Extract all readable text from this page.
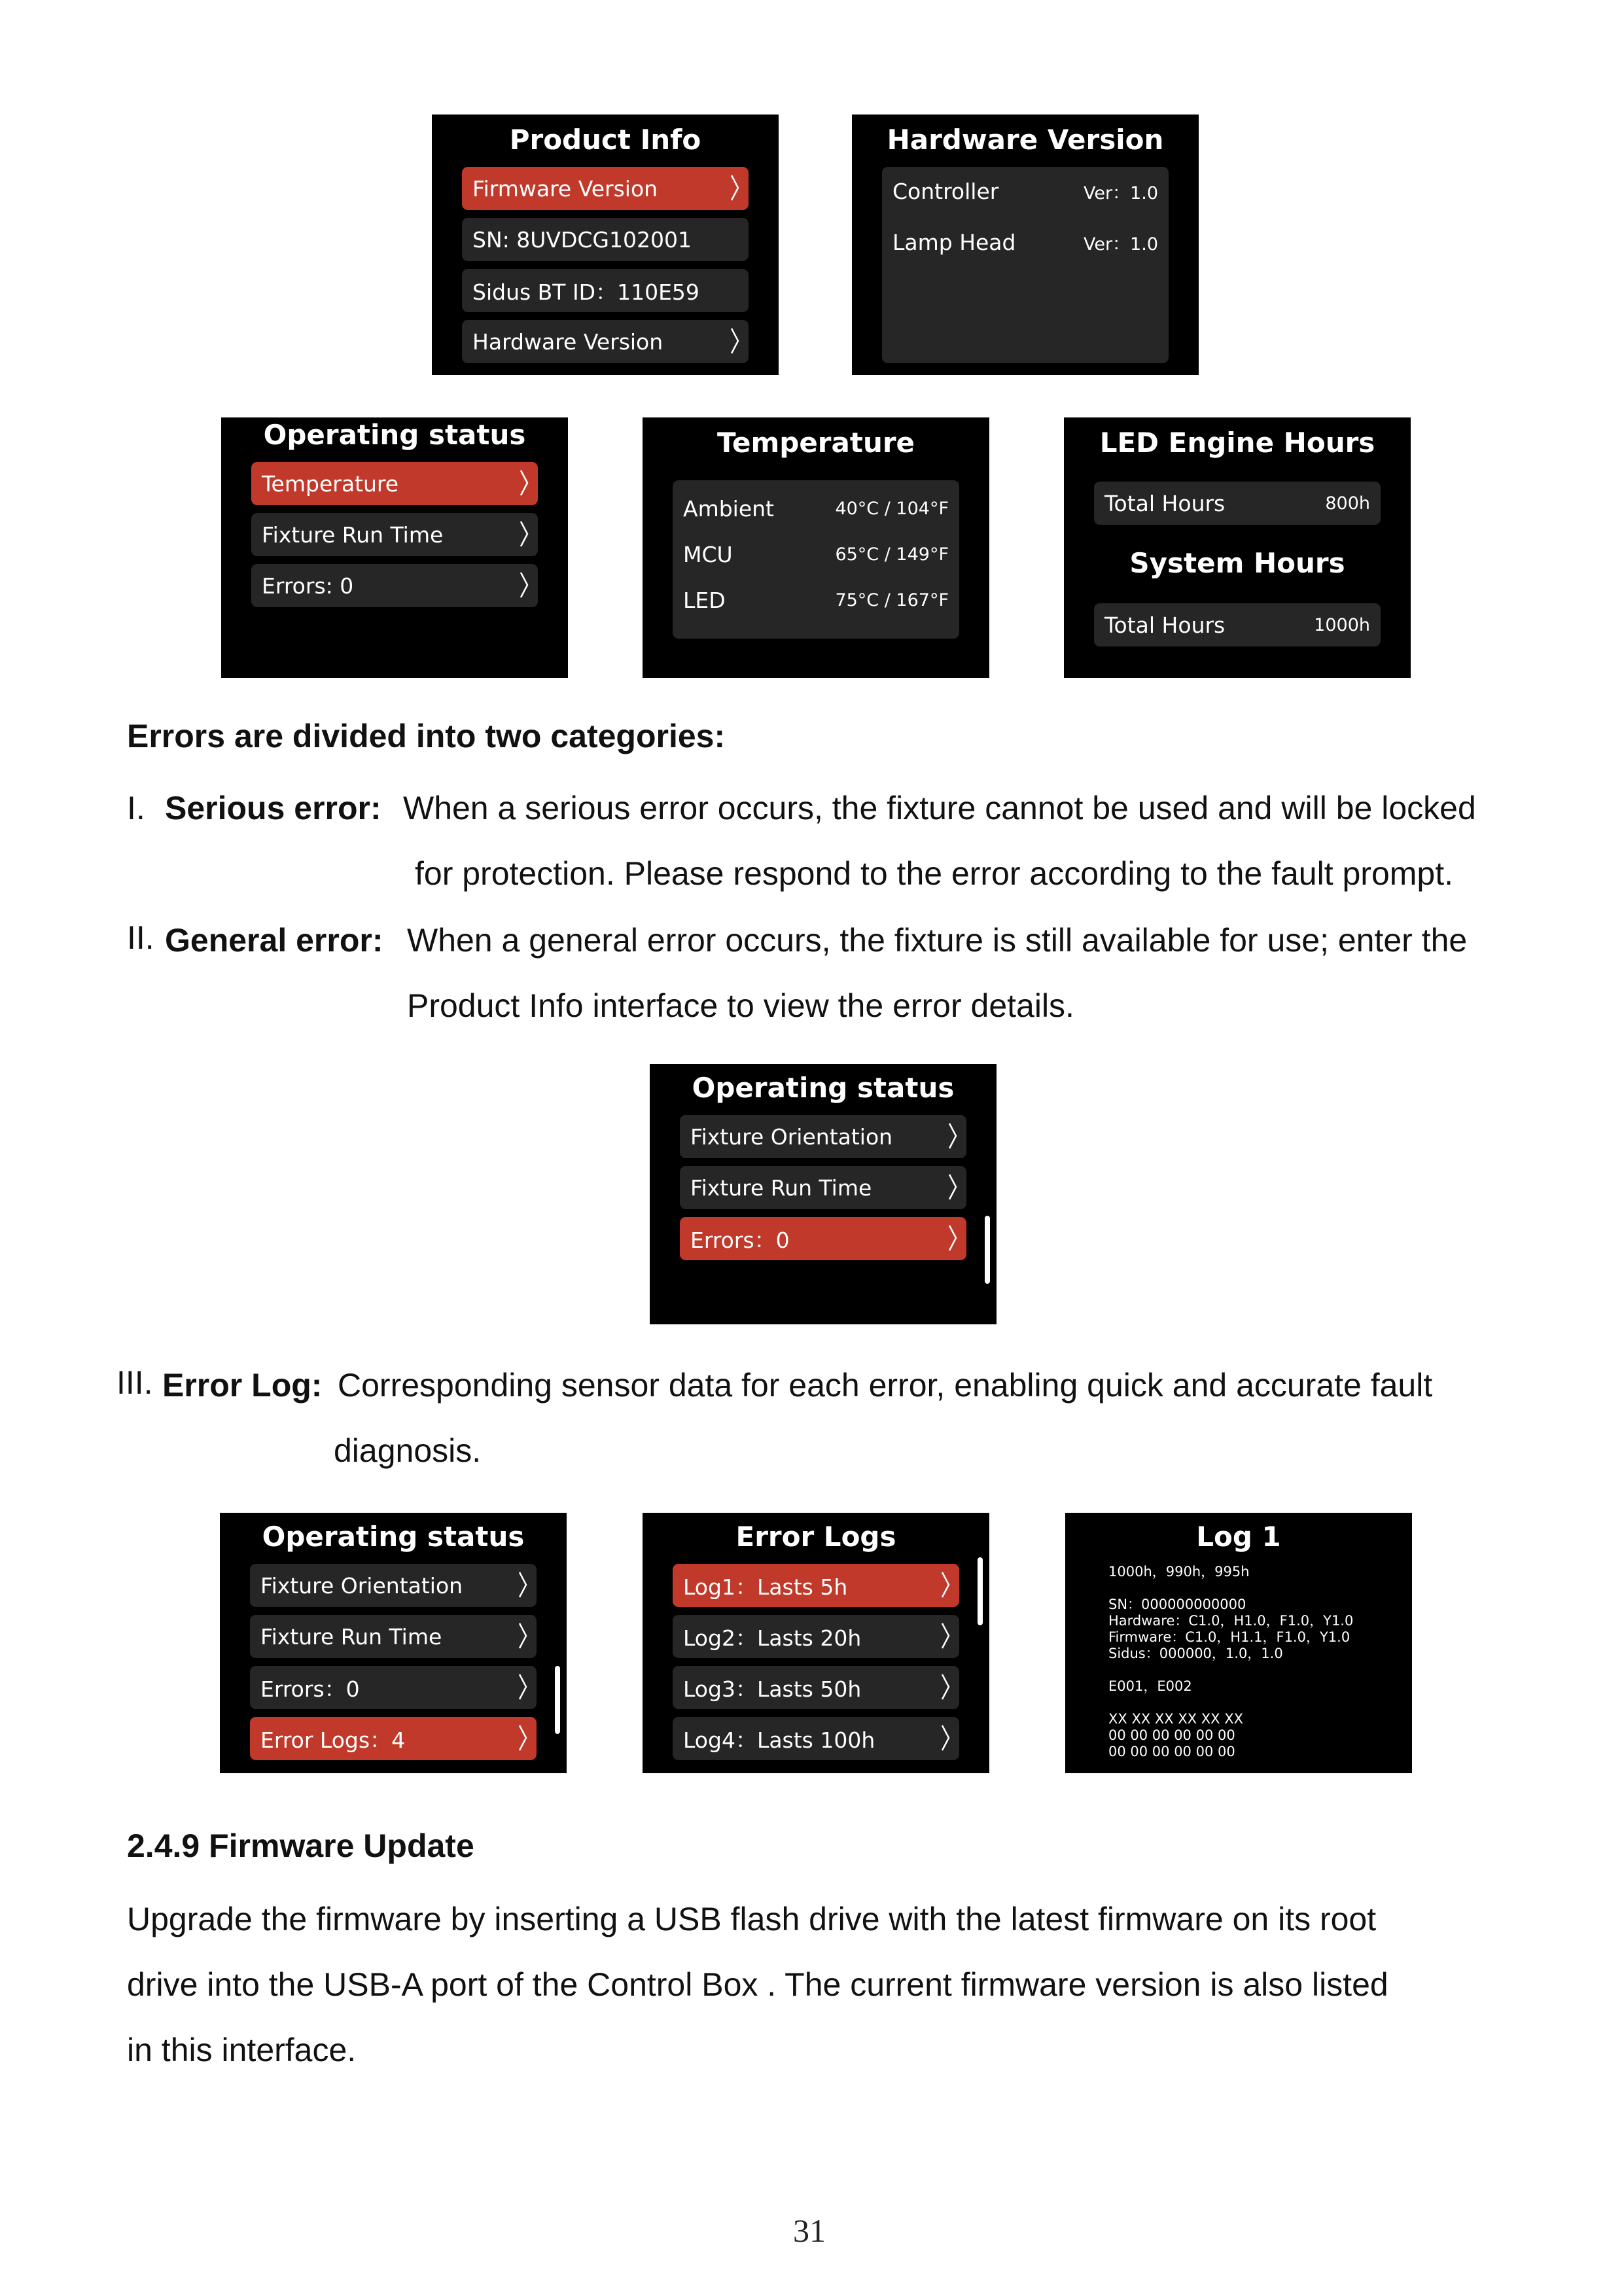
Product Info
Firmware Version
SN: 8UVDCG102001
Sidus BT ID：110E59
Hardware Version
Hardware Version
Controller	Ver：1.0
Lamp Head	Ver：1.0
Operating status
Temperature
Fixture Run Time
Errors: 0
Temperature
Ambient	40°C / 104°F
MCU	65°C / 149°F
LED	75°C / 167°F
LED Engine Hours
Total Hours	800h
System Hours
Total Hours	1000h
Errors are divided into two categories:
I. Serious error: When a serious error occurs, the fixture cannot be used and will be locked
for protection. Please respond to the error according to the fault prompt.
II. General error: When a general error occurs, the fixture is still available for use; enter the
Product Info interface to view the error details.
Operating status
Fixture Orientation
Fixture Run Time
Errors：0
III. Error Log: Corresponding sensor data for each error, enabling quick and accurate fault
diagnosis.
Operating status
Fixture Orientation
Fixture Run Time
Errors：0
Error Logs：4
Error Logs
Log1：Lasts 5h
Log2：Lasts 20h
Log3：Lasts 50h
Log4：Lasts 100h
Log 1
1000h，990h，995h
SN：000000000000
Hardware：C1.0，H1.0，F1.0，Y1.0
Firmware：C1.0，H1.1，F1.0，Y1.0
Sidus：000000，1.0，1.0
E001，E002
XX XX XX XX XX XX
00 00 00 00 00 00
00 00 00 00 00 00
2.4.9 Firmware Update
Upgrade the firmware by inserting a USB flash drive with the latest firmware on its root
drive into the USB-A port of the Control Box . The current firmware version is also listed
in this interface.
31
